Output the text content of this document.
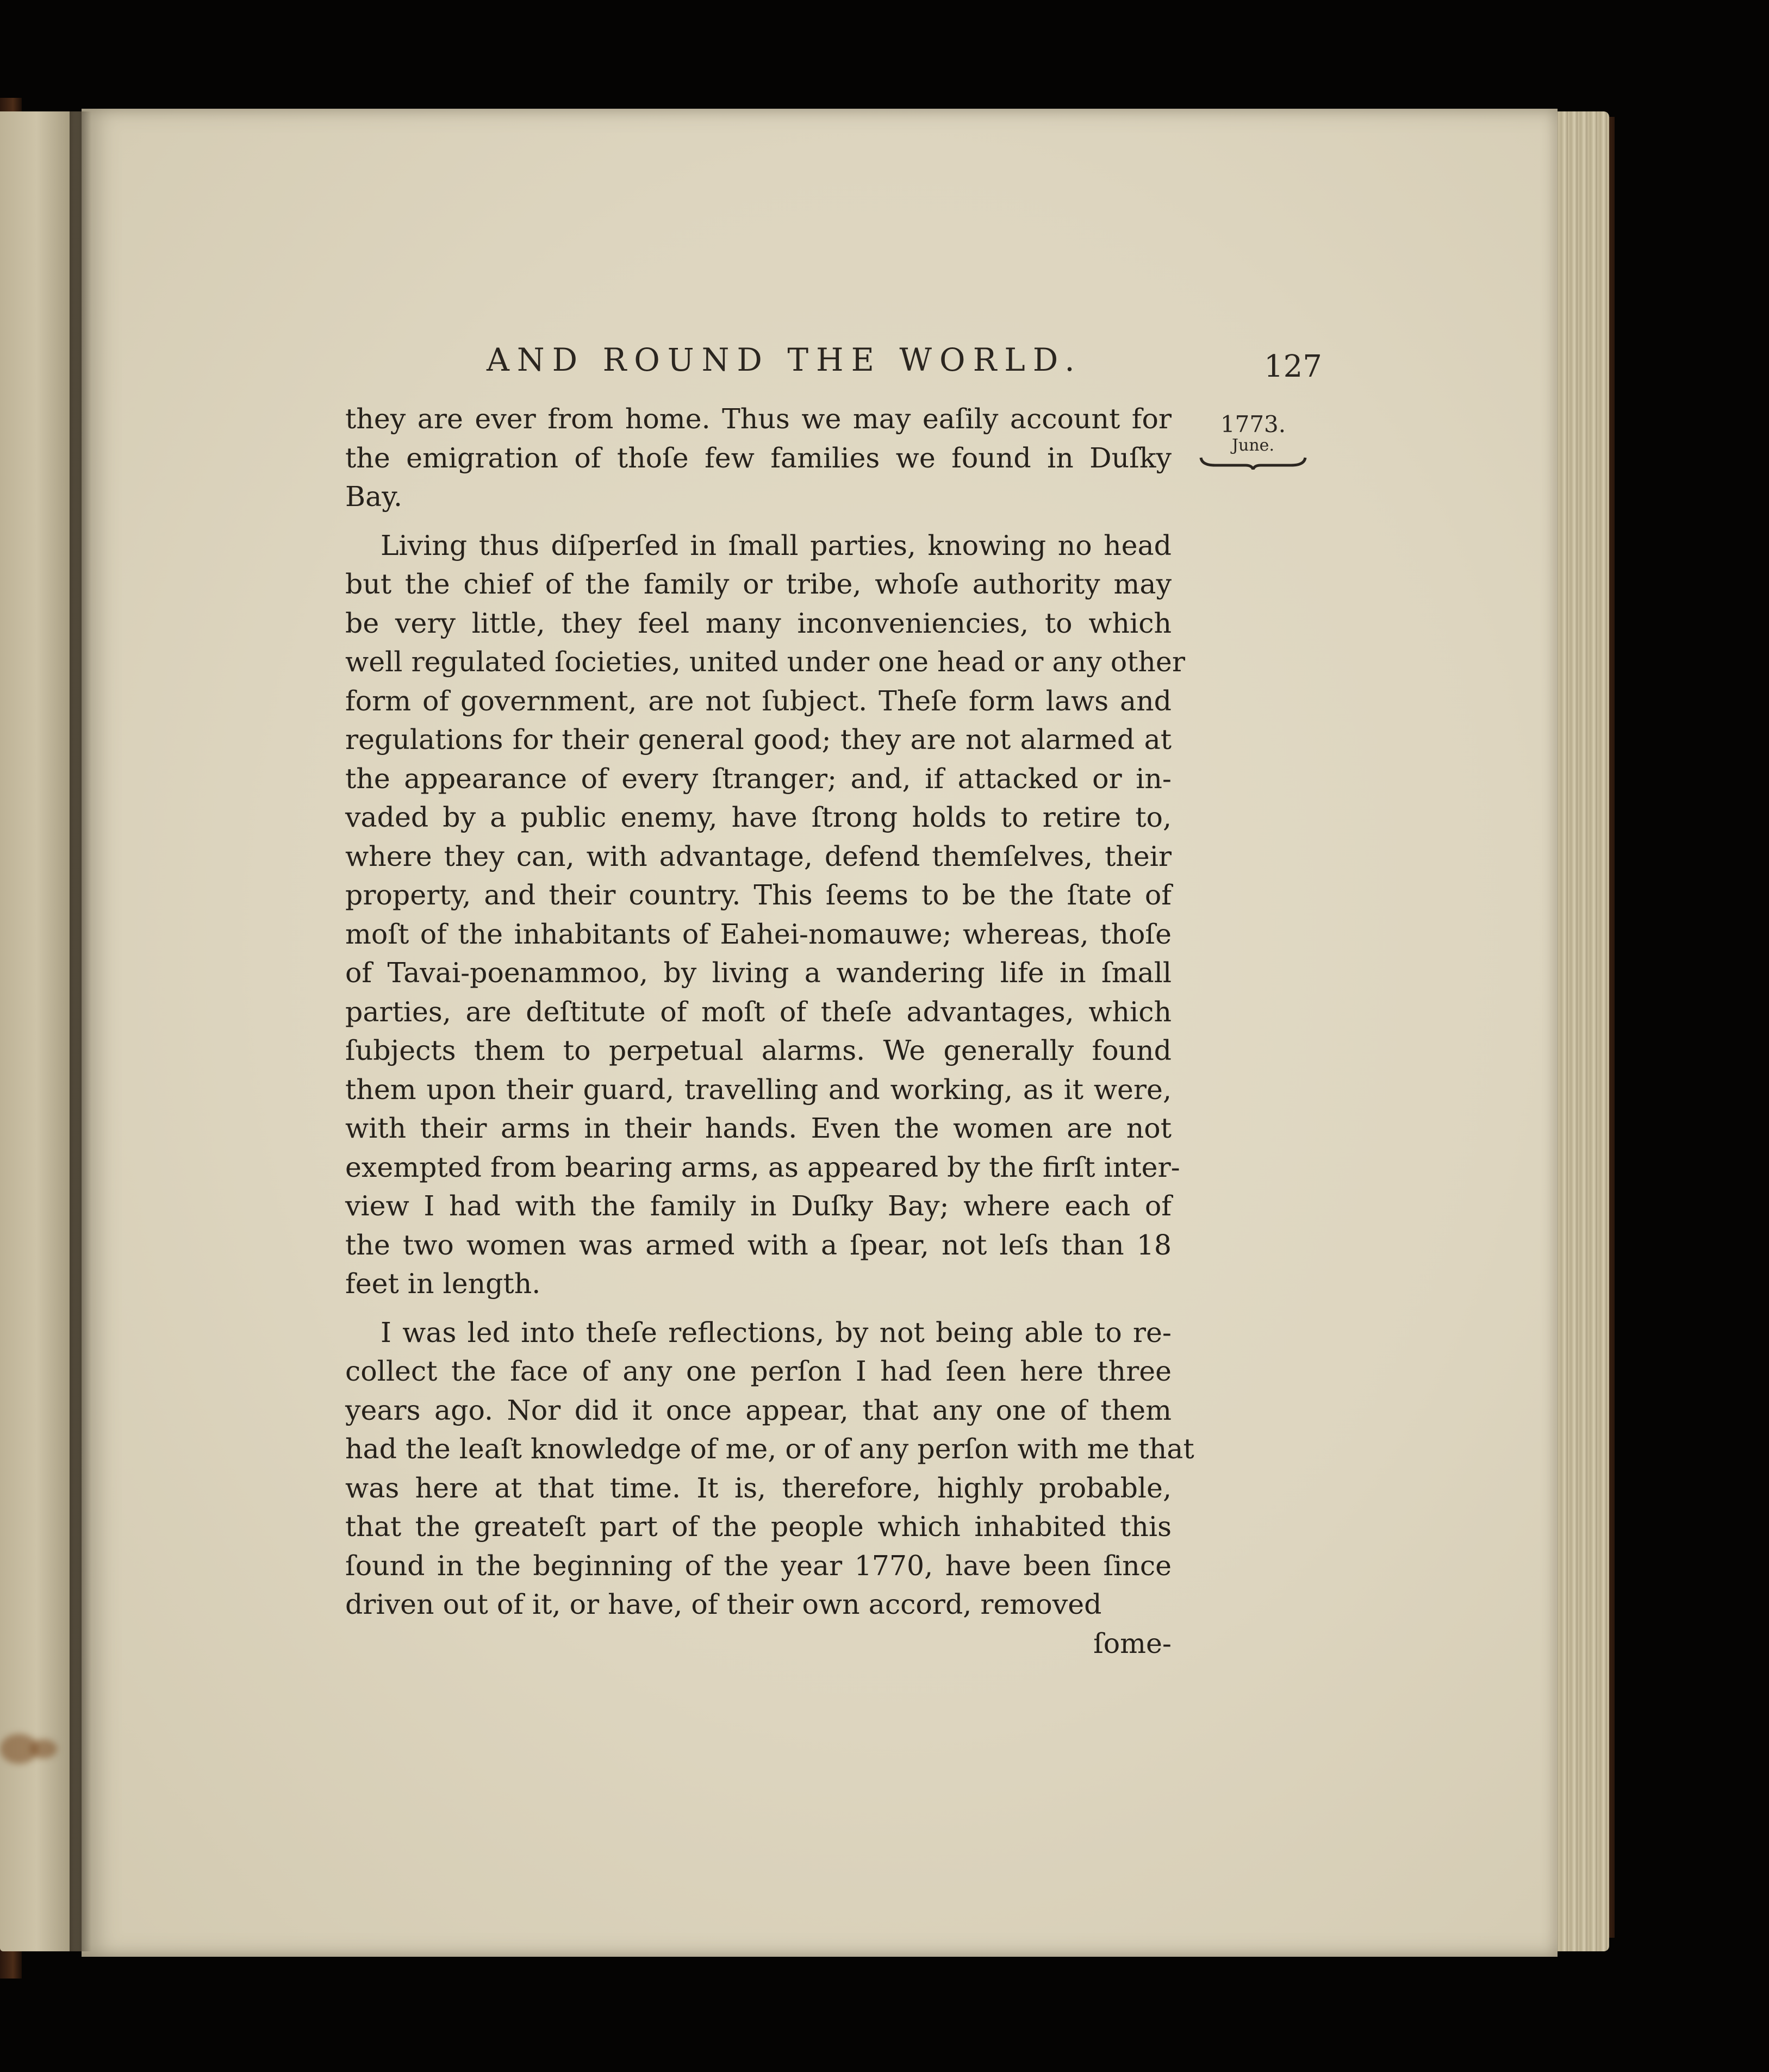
AND ROUND THE WORLD.	127
1773.
June.
they are ever from home. Thus we may eaſily account for
the emigration of thoſe few families we found in Duſky
Bay.
Living thus diſperſed in ſmall parties, knowing no head
but the chief of the family or tribe, whoſe authority may
be very little, they feel many inconveniencies, to which
well regulated ſocieties, united under one head or any other
form of government, are not ſubject. Theſe form laws and
regulations for their general good; they are not alarmed at
the appearance of every ſtranger; and, if attacked or in-
vaded by a public enemy, have ſtrong holds to retire to,
where they can, with advantage, defend themſelves, their
property, and their country. This ſeems to be the ſtate of
moſt of the inhabitants of Eahei-nomauwe; whereas, thoſe
of Tavai-poenammoo, by living a wandering life in ſmall
parties, are deſtitute of moſt of theſe advantages, which
ſubjects them to perpetual alarms. We generally found
them upon their guard, travelling and working, as it were,
with their arms in their hands. Even the women are not
exempted from bearing arms, as appeared by the firſt inter-
view I had with the family in Duſky Bay; where each of
the two women was armed with a ſpear, not leſs than 18
feet in length.
I was led into theſe reflections, by not being able to re-
collect the face of any one perſon I had ſeen here three
years ago. Nor did it once appear, that any one of them
had the leaſt knowledge of me, or of any perſon with me that
was here at that time. It is, therefore, highly probable,
that the greateſt part of the people which inhabited this
ſound in the beginning of the year 1770, have been ſince
driven out of it, or have, of their own accord, removed
ſome-
